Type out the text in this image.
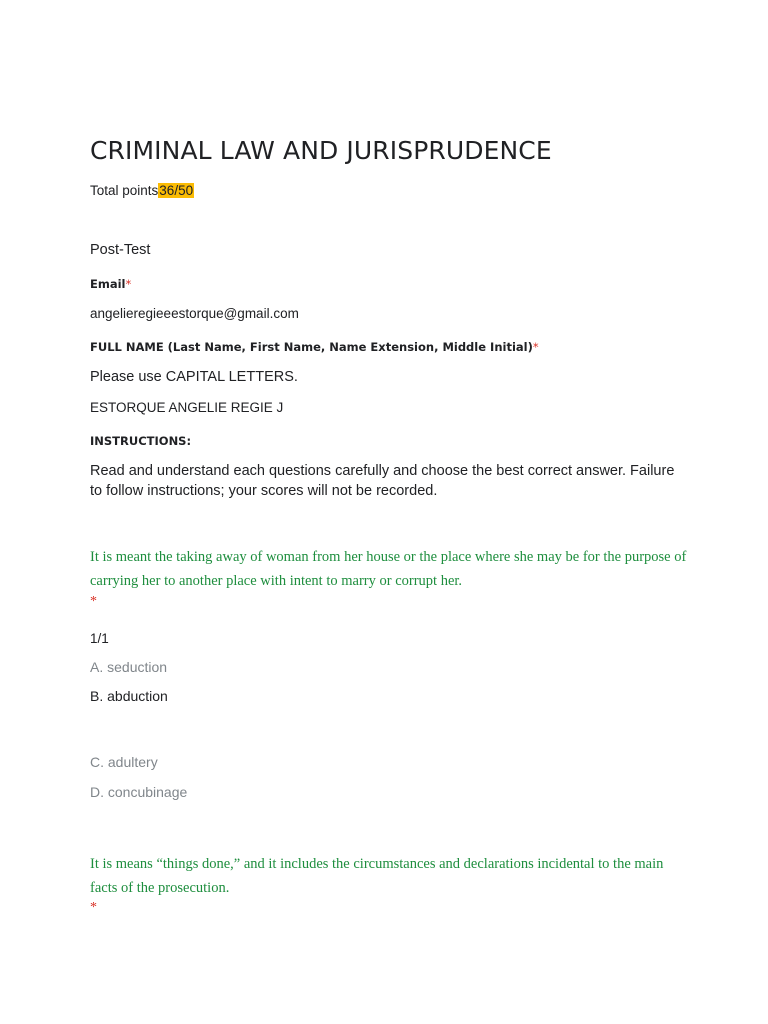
CRIMINAL LAW AND JURISPRUDENCE
Total points36/50
Post-Test
Email*
angelieregieeestorque@gmail.com
FULL NAME (Last Name, First Name, Name Extension, Middle Initial)*
Please use CAPITAL LETTERS.
ESTORQUE ANGELIE REGIE J
INSTRUCTIONS:
Read and understand each questions carefully and choose the best correct answer. Failure to follow instructions; your scores will not be recorded.
It is meant the taking away of woman from her house or the place where she may be for the purpose of carrying her to another place with intent to marry or corrupt her.
*
1/1
A. seduction
B. abduction
C. adultery
D. concubinage
It is means “things done,” and it includes the circumstances and declarations incidental to the main facts of the prosecution.
*
